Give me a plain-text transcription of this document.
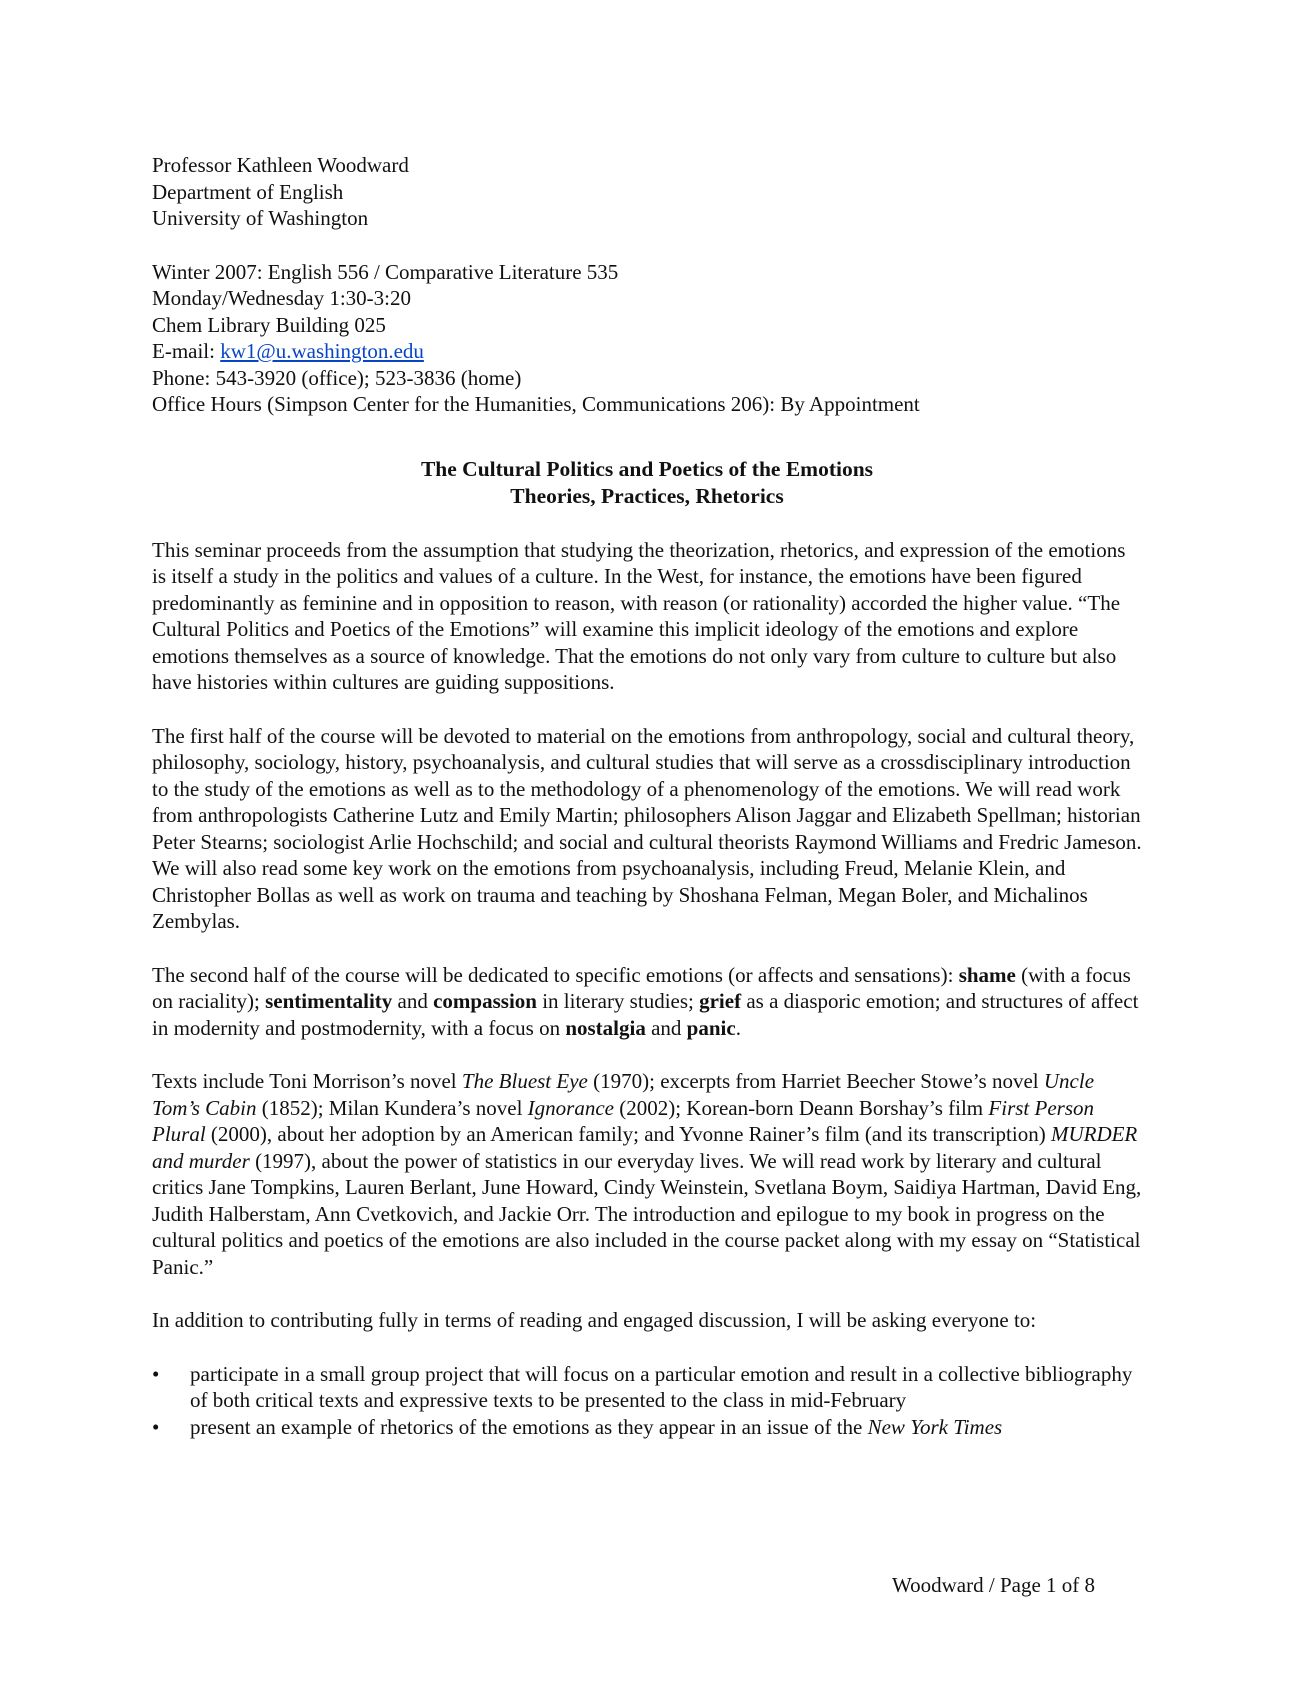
Professor Kathleen Woodward
Department of English
University of Washington
Winter 2007: English 556 / Comparative Literature 535
Monday/Wednesday 1:30-3:20
Chem Library Building 025
E-mail: kw1@u.washington.edu
Phone: 543-3920 (office); 523-3836 (home)
Office Hours (Simpson Center for the Humanities, Communications 206): By Appointment
The Cultural Politics and Poetics of the Emotions
Theories, Practices, Rhetorics

This seminar proceeds from the assumption that studying the theorization, rhetorics, and expression of the emotions is itself a study in the politics and values of a culture. In the West, for instance, the emotions have been figured predominantly as feminine and in opposition to reason, with reason (or rationality) accorded the higher value. “The Cultural Politics and Poetics of the Emotions” will examine this implicit ideology of the emotions and explore emotions themselves as a source of knowledge. That the emotions do not only vary from culture to culture but also have histories within cultures are guiding suppositions.

The first half of the course will be devoted to material on the emotions from anthropology, social and cultural theory, philosophy, sociology, history, psychoanalysis, and cultural studies that will serve as a crossdisciplinary introduction to the study of the emotions as well as to the methodology of a phenomenology of the emotions. We will read work from anthropologists Catherine Lutz and Emily Martin; philosophers Alison Jaggar and Elizabeth Spellman; historian Peter Stearns; sociologist Arlie Hochschild; and social and cultural theorists Raymond Williams and Fredric Jameson. We will also read some key work on the emotions from psychoanalysis, including Freud, Melanie Klein, and Christopher Bollas as well as work on trauma and teaching by Shoshana Felman, Megan Boler, and Michalinos Zembylas.

The second half of the course will be dedicated to specific emotions (or affects and sensations): shame (with a focus on raciality); sentimentality and compassion in literary studies; grief as a diasporic emotion; and structures of affect in modernity and postmodernity, with a focus on nostalgia and panic.

Texts include Toni Morrison’s novel The Bluest Eye (1970); excerpts from Harriet Beecher Stowe’s novel Uncle Tom’s Cabin (1852); Milan Kundera’s novel Ignorance (2002); Korean-born Deann Borshay’s film First Person Plural (2000), about her adoption by an American family; and Yvonne Rainer’s film (and its transcription) MURDER and murder (1997), about the power of statistics in our everyday lives. We will read work by literary and cultural critics Jane Tompkins, Lauren Berlant, June Howard, Cindy Weinstein, Svetlana Boym, Saidiya Hartman, David Eng, Judith Halberstam, Ann Cvetkovich, and Jackie Orr. The introduction and epilogue to my book in progress on the cultural politics and poetics of the emotions are also included in the course packet along with my essay on “Statistical Panic.”

In addition to contributing fully in terms of reading and engaged discussion, I will be asking everyone to:

•	participate in a small group project that will focus on a particular emotion and result in a collective bibliography of both critical texts and expressive texts to be presented to the class in mid-February
•	present an example of rhetorics of the emotions as they appear in an issue of the New York Times
Woodward / Page 1 of 8
